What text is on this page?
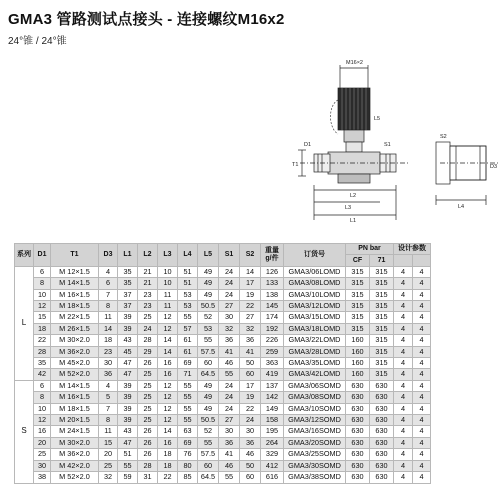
GMA3 管路测试点接头 - 连接螺纹M16x2
24°锥 / 24°锥
M16×2
T1
D1
L2
L3
L1
S1
L5
L4
S2
D3
系列	D1	T1	D3	L1	L2	L3	L4	L5	S1	S2	重量 g/件	订货号	PN bar		设计参数	
													CF	71		
L	6	M 12×1.5	4	35	21	10	51	49	24	14	126	GMA3/06LOMD	315	315	4	4
	8	M 14×1.5	6	35	21	10	51	49	24	17	133	GMA3/08LOMD	315	315	4	4
	10	M 16×1.5	7	37	23	11	53	49	24	19	138	GMA3/10LOMD	315	315	4	4
	12	M 18×1.5	8	37	23	11	53	50.5	27	22	145	GMA3/12LOMD	315	315	4	4
	15	M 22×1.5	11	39	25	12	55	52	30	27	174	GMA3/15LOMD	315	315	4	4
	18	M 26×1.5	14	39	24	12	57	53	32	32	192	GMA3/18LOMD	315	315	4	4
	22	M 30×2.0	18	43	28	14	61	55	36	36	226	GMA3/22LOMD	160	315	4	4
	28	M 36×2.0	23	45	29	14	61	57.5	41	41	259	GMA3/28LOMD	160	315	4	4
	35	M 45×2.0	30	47	26	16	69	60	46	50	363	GMA3/35LOMD	160	315	4	4
	42	M 52×2.0	36	47	25	16	71	64.5	55	60	419	GMA3/42LOMD	160	315	4	4
S	6	M 14×1.5	4	39	25	12	55	49	24	17	137	GMA3/06SOMD	630	630	4	4
	8	M 16×1.5	5	39	25	12	55	49	24	19	142	GMA3/08SOMD	630	630	4	4
	10	M 18×1.5	7	39	25	12	55	49	24	22	149	GMA3/10SOMD	630	630	4	4
	12	M 20×1.5	8	39	25	12	55	50.5	27	24	158	GMA3/12SOMD	630	630	4	4
	16	M 24×1.5	11	43	26	14	63	52	30	30	195	GMA3/16SOMD	630	630	4	4
	20	M 30×2.0	15	47	26	16	69	55	36	36	264	GMA3/20SOMD	630	630	4	4
	25	M 36×2.0	20	51	26	18	76	57.5	41	46	329	GMA3/25SOMD	630	630	4	4
	30	M 42×2.0	25	55	28	18	80	60	46	50	412	GMA3/30SOMD	630	630	4	4
	38	M 52×2.0	32	59	31	22	85	64.5	55	60	616	GMA3/38SOMD	630	630	4	4
